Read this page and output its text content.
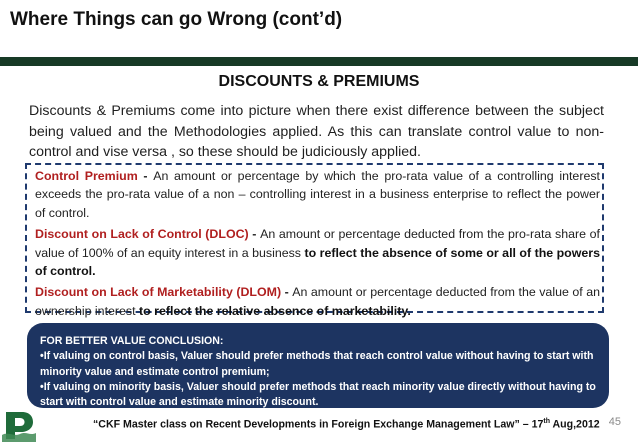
Where Things can go Wrong (cont’d)
DISCOUNTS & PREMIUMS
Discounts & Premiums come into picture when there exist difference between the subject being valued and the Methodologies applied. As this can translate control value to non-control and vise versa , so these should be judiciously applied.

Control Premium - An amount or percentage by which the pro-rata value of a controlling interest exceeds the pro-rata value of a non – controlling interest in a business enterprise to reflect the power of control.

Discount on Lack of Control (DLOC) - An amount or percentage deducted from the pro-rata share of value of 100% of an equity interest in a business to reflect the absence of some or all of the powers of control.

Discount on Lack of Marketability (DLOM) - An amount or percentage deducted from the value of an ownership interest to reflect the relative absence of marketability.

FOR BETTER VALUE CONCLUSION:

•If valuing on control basis, Valuer should prefer methods that reach control value without having to start with minority value and estimate control premium;

•If valuing on minority basis, Valuer should prefer methods that reach minority value directly without having to start with control value and estimate minority discount.

“CKF Master class on Recent Developments in Foreign Exchange Management Law” – 17th Aug,2012 45
